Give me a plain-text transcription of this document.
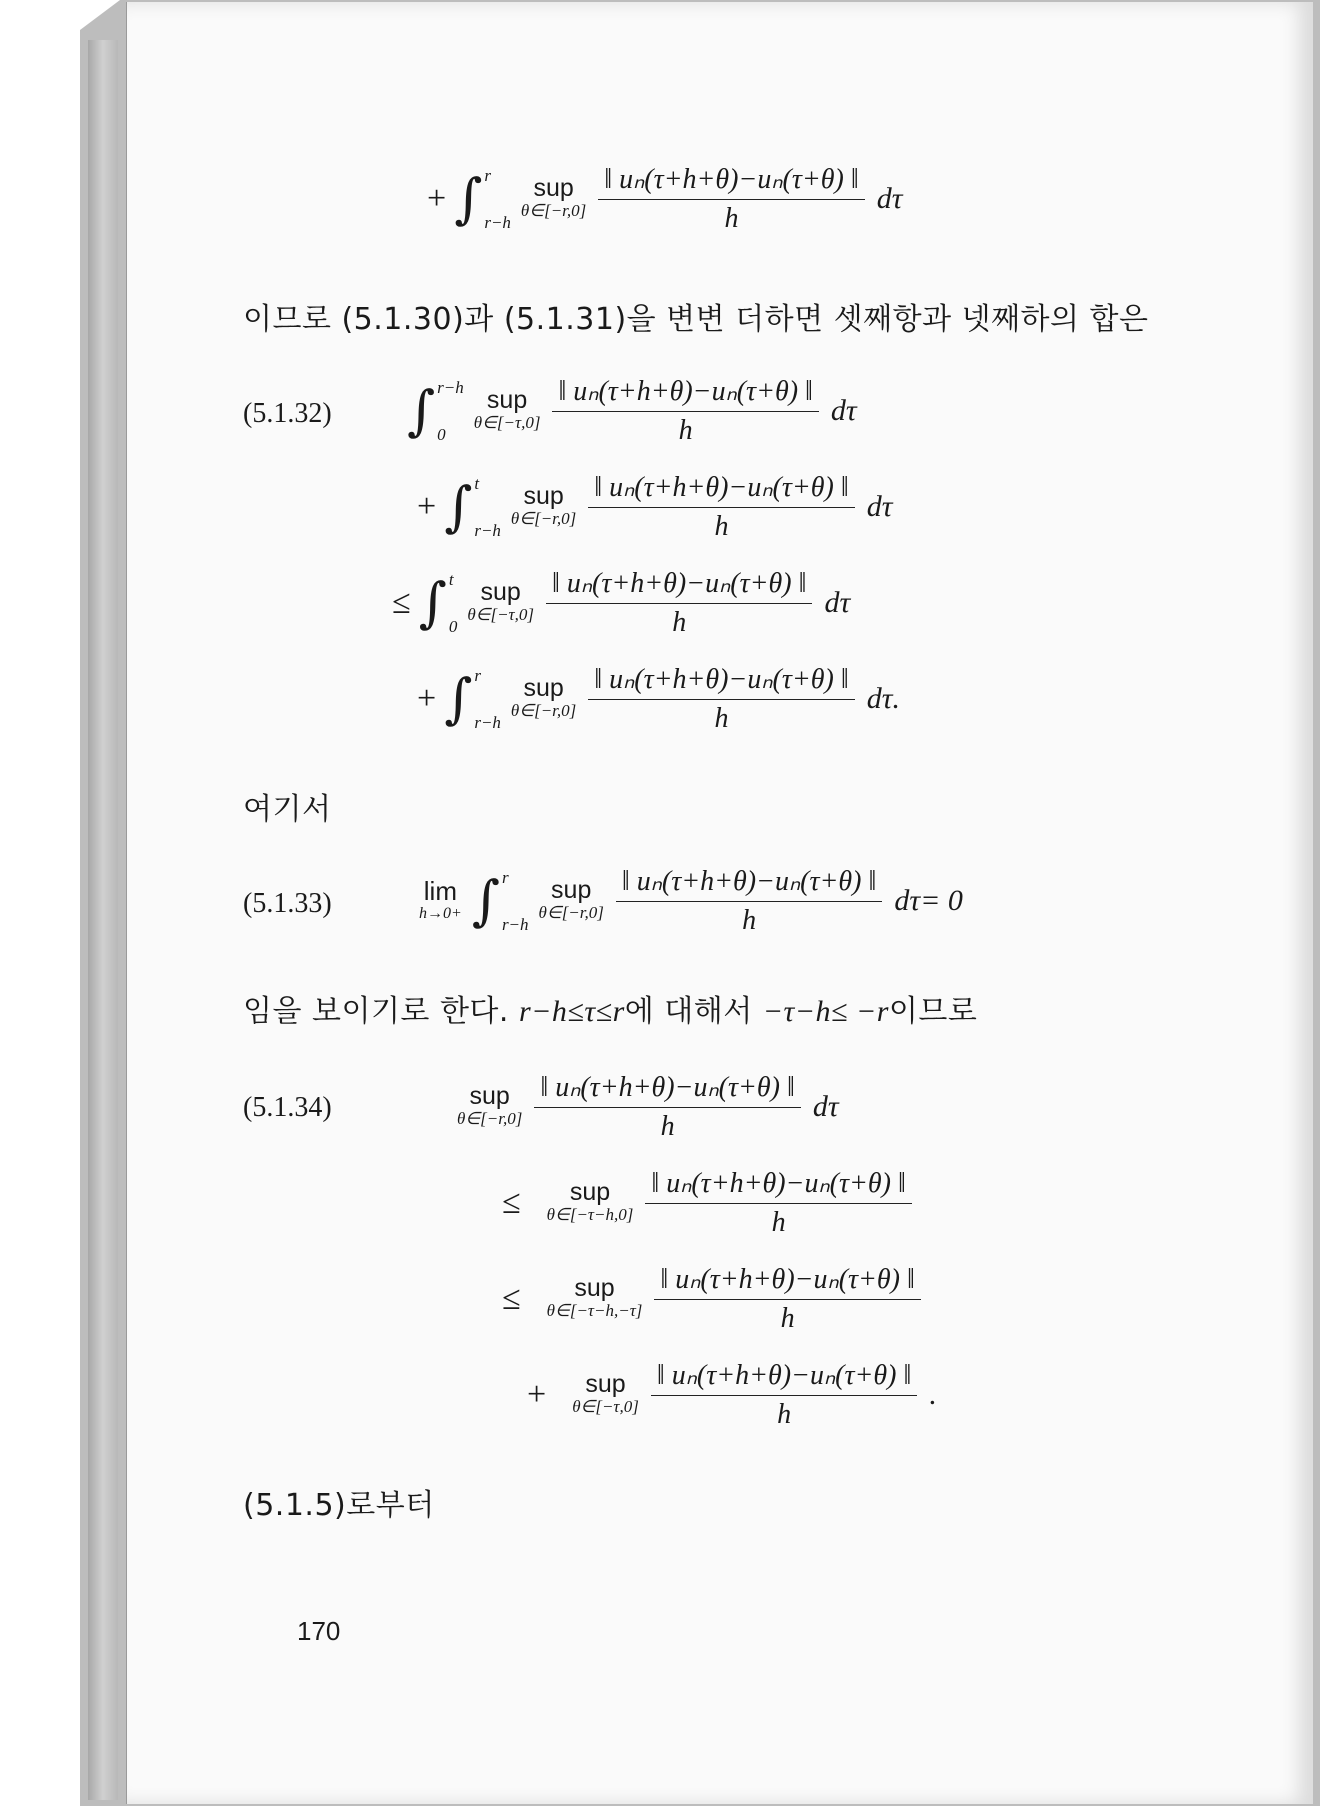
+ ∫ r
r−h
sup
θ∈[−r,0] $\frac{\text{‖ uₙ(τ+h+θ)−uₙ(τ+θ) ‖}}{h}$ dτ
이므로 (5.1.30)과 (5.1.31)을 변변 더하면 셋째항과 넷째하의 합은
(5.1.32) ∫ r−h
0
sup
θ∈[−τ,0] $\frac{\text{‖ uₙ(τ+h+θ)−uₙ(τ+θ) ‖}}{h}$ dτ
+ ∫ t
r−h
sup
θ∈[−r,0] $\frac{\text{‖ uₙ(τ+h+θ)−uₙ(τ+θ) ‖}}{h}$ dτ
≤ ∫ t
0
sup
θ∈[−τ,0] $\frac{\text{‖ uₙ(τ+h+θ)−uₙ(τ+θ) ‖}}{h}$ dτ
+ ∫ r
r−h
sup
θ∈[−r,0] $\frac{\text{‖ uₙ(τ+h+θ)−uₙ(τ+θ) ‖}}{h} d\tau$.
여기서
(5.1.33)	lim
h→0+ ∫ r
r−h
sup
θ∈[−r,0] $\frac{\text{‖ uₙ(τ+h+θ)−uₙ(τ+θ) ‖}}{h} d\tau= 0$
임을 보이기로 한다. r−h≤τ≤r에 대해서 −τ−h≤ −r이므로
(5.1.34)	sup
θ∈[−r,0] $\frac{\text{‖ uₙ(τ+h+θ)−uₙ(τ+θ) ‖}}{h}$ dτ
≤ sup
θ∈[−τ−h,0] $\frac{\text{‖ uₙ(τ+h+θ)−uₙ(τ+θ) ‖}}{h}$
≤ sup
θ∈[−τ−h,−τ] $\frac{\text{‖ uₙ(τ+h+θ)−uₙ(τ+θ) ‖}}{h}$
+ sup
θ∈[−τ,0] $\frac{\text{‖ uₙ(τ+h+θ)−uₙ(τ+θ) ‖}}{h}$ .
(5.1.5)로부터
170
